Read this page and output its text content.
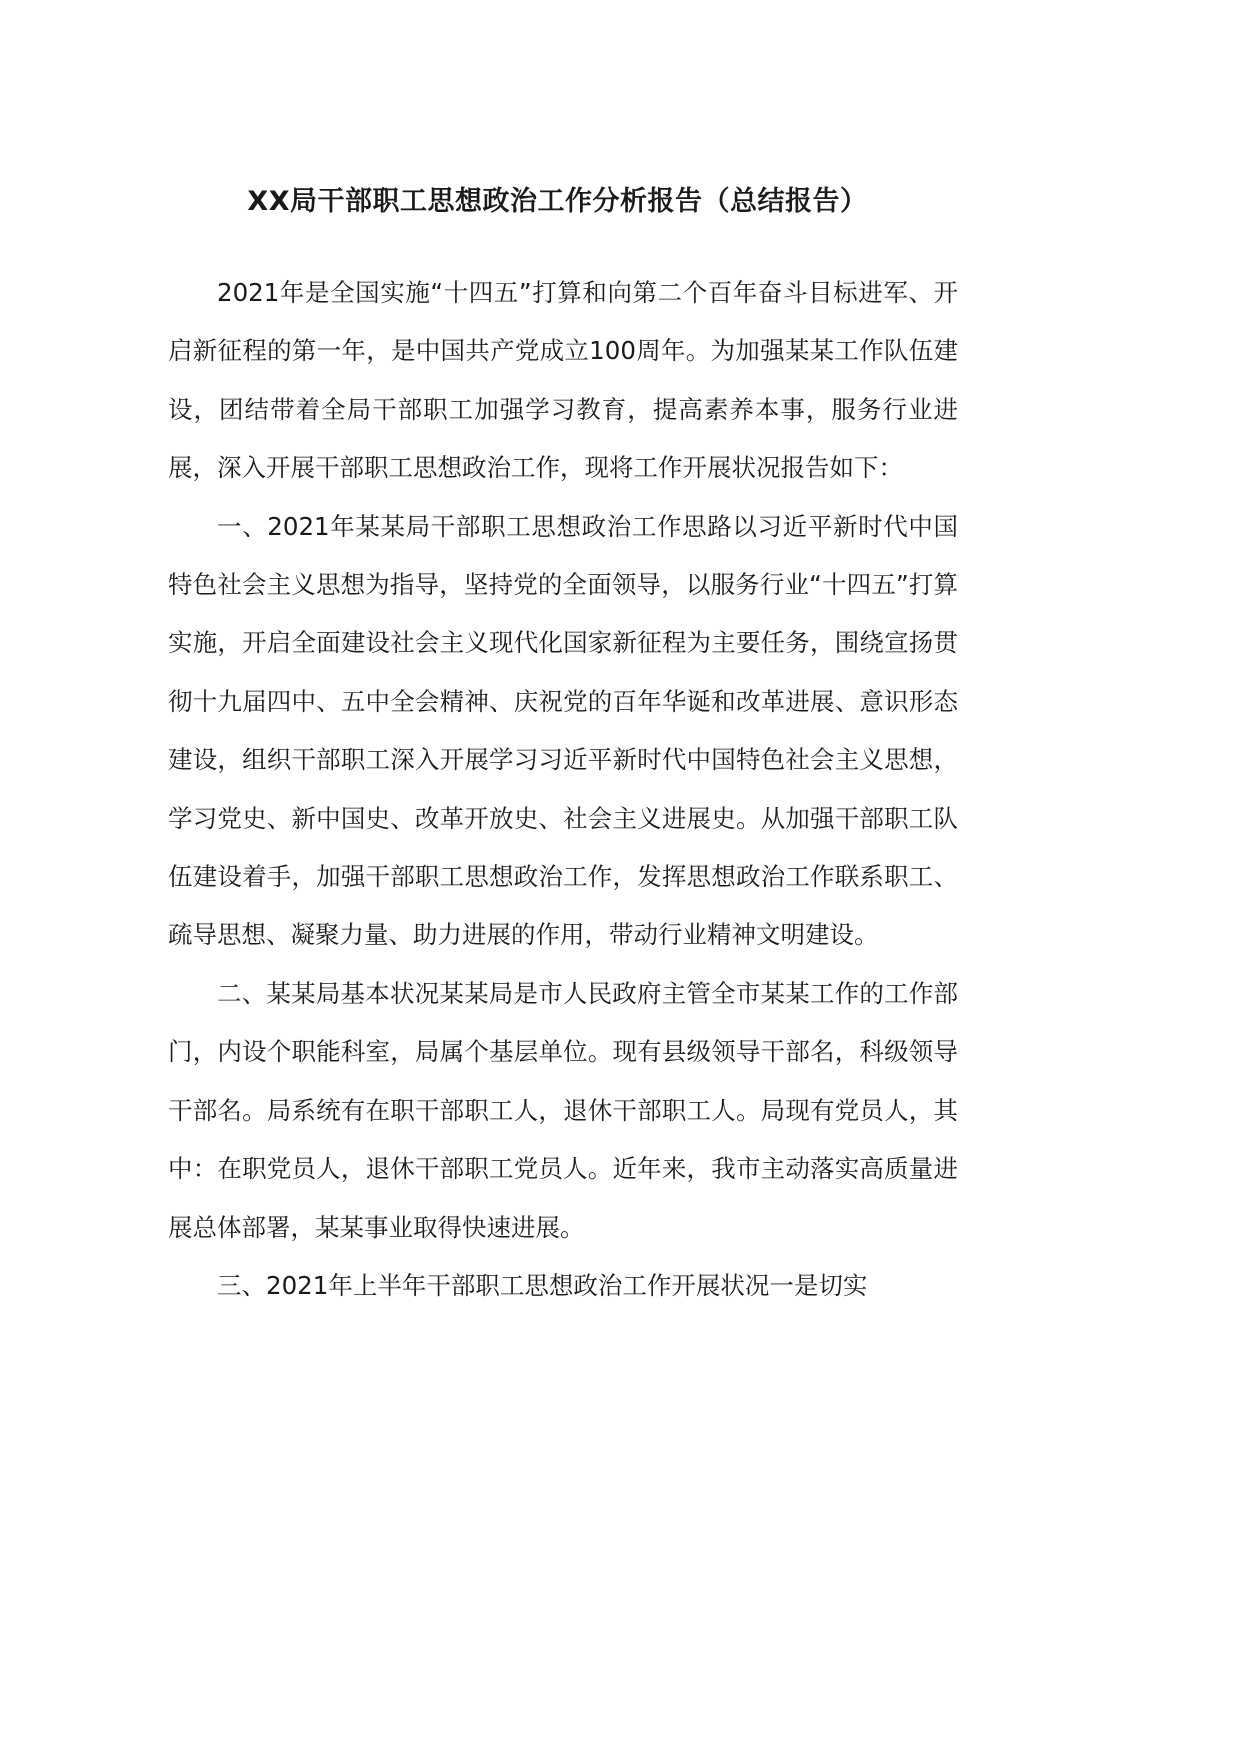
XX局干部职工思想政治工作分析报告（总结报告）

2021年是全国实施“十四五”打算和向第二个百年奋斗目标进军、开启新征程的第一年，是中国共产党成立100周年。为加强某某工作队伍建设，团结带着全局干部职工加强学习教育，提高素养本事，服务行业进展，深入开展干部职工思想政治工作，现将工作开展状况报告如下：

一、2021年某某局干部职工思想政治工作思路以习近平新时代中国特色社会主义思想为指导，坚持党的全面领导，以服务行业“十四五”打算实施，开启全面建设社会主义现代化国家新征程为主要任务，围绕宣扬贯彻十九届四中、五中全会精神、庆祝党的百年华诞和改革进展、意识形态建设，组织干部职工深入开展学习习近平新时代中国特色社会主义思想，学习党史、新中国史、改革开放史、社会主义进展史。从加强干部职工队伍建设着手，加强干部职工思想政治工作，发挥思想政治工作联系职工、疏导思想、凝聚力量、助力进展的作用，带动行业精神文明建设。

二、某某局基本状况某某局是市人民政府主管全市某某工作的工作部门，内设个职能科室，局属个基层单位。现有县级领导干部名，科级领导干部名。局系统有在职干部职工人，退休干部职工人。局现有党员人，其中：在职党员人，退休干部职工党员人。近年来，我市主动落实高质量进展总体部署，某某事业取得快速进展。

三、2021年上半年干部职工思想政治工作开展状况一是切实
